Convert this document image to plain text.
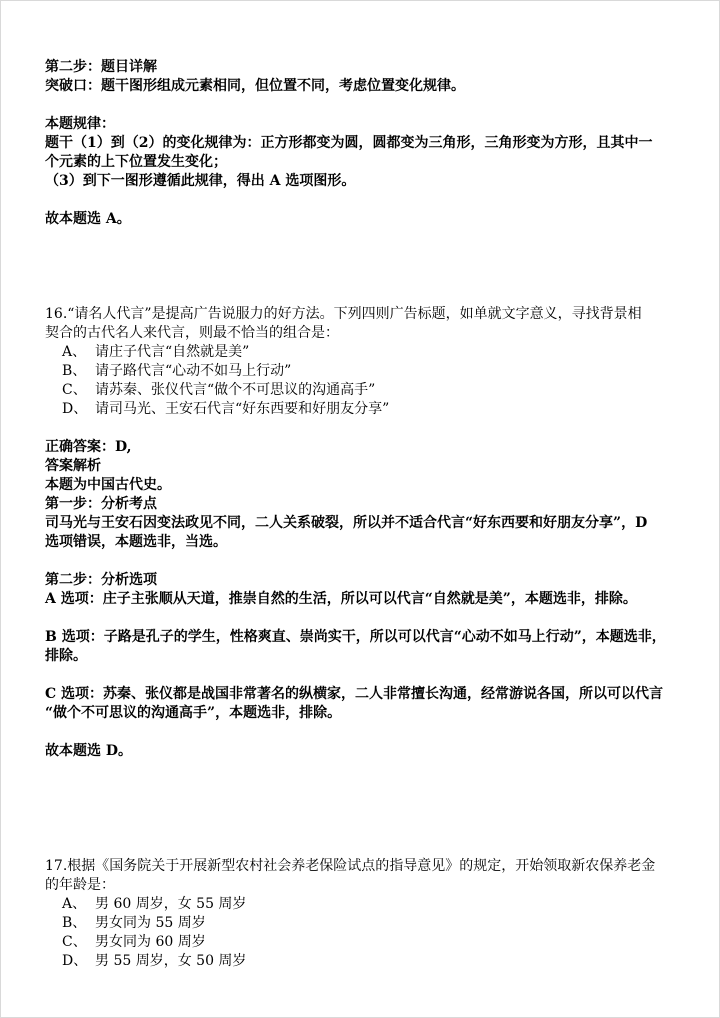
第二步：题目详解

突破口：题干图形组成元素相同，但位置不同，考虑位置变化规律。

本题规律：

题干（1）到（2）的变化规律为：正方形都变为圆，圆都变为三角形，三角形变为方形，且其中一

个元素的上下位置发生变化；

（3）到下一图形遵循此规律，得出 A 选项图形。

故本题选 A。

16.“请名人代言”是提高广告说服力的好方法。下列四则广告标题，如单就文字意义，寻找背景相

契合的古代名人来代言，则最不恰当的组合是：

A、 请庄子代言“自然就是美”
B、 请子路代言“心动不如马上行动”
C、 请苏秦、张仪代言“做个不可思议的沟通高手”
D、 请司马光、王安石代言“好东西要和好朋友分享”

正确答案：D,

答案解析

本题为中国古代史。

第一步：分析考点

司马光与王安石因变法政见不同，二人关系破裂，所以并不适合代言“好东西要和好朋友分享”，D

选项错误，本题选非，当选。

第二步：分析选项

A 选项：庄子主张顺从天道，推崇自然的生活，所以可以代言“自然就是美”，本题选非，排除。

B 选项：子路是孔子的学生，性格爽直、崇尚实干，所以可以代言“心动不如马上行动”，本题选非，

排除。

C 选项：苏秦、张仪都是战国非常著名的纵横家，二人非常擅长沟通，经常游说各国，所以可以代言

“做个不可思议的沟通高手”，本题选非，排除。

故本题选 D。

17.根据《国务院关于开展新型农村社会养老保险试点的指导意见》的规定，开始领取新农保养老金

的年龄是：

A、 男 60 周岁，女 55 周岁
B、 男女同为 55 周岁
C、 男女同为 60 周岁
D、 男 55 周岁，女 50 周岁
